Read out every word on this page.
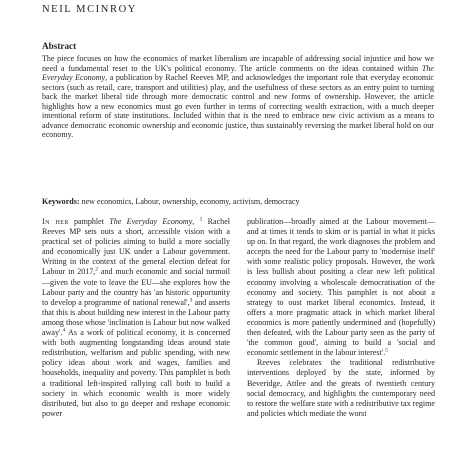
NEIL MCINROY
Abstract
The piece focuses on how the economics of market liberalism are incapable of addressing social injustice and how we need a fundamental reset to the UK's political economy. The article comments on the ideas contained within The Everyday Economy, a publication by Rachel Reeves MP, and acknowledges the important role that everyday economic sectors (such as retail, care, transport and utilities) play, and the usefulness of these sectors as an entry point to turning back the market liberal tide through more democratic control and new forms of ownership. However, the article highlights how a new economics must go even further in terms of correcting wealth extraction, with a much deeper intentional reform of state institutions. Included within that is the need to embrace new civic activism as a means to advance democratic economic ownership and economic justice, thus sustainably reversing the market liberal hold on our economy.
Keywords: new economics, Labour, ownership, economy, activism, democracy

In her pamphlet The Everyday Economy, $^1$ Rachel Reeves MP sets outs a short, accessible vision with a practical set of policies aiming to build a more socially and economically just UK under a Labour government. Writing in the context of the general election defeat for Labour in 2017,$^2$ and much economic and social turmoil—given the vote to leave the EU—she explores how the Labour party and the country has 'an historic opportunity to develop a programme of national renewal',$^3$ and asserts that this is about building new interest in the Labour party among those whose 'inclination is Labour but now walked away'.$^4$ As a work of political economy, it is concerned with both augmenting longstanding ideas around state redistribution, welfarism and public spending, with new policy ideas about work and wages, families and households, inequality and poverty. This pamphlet is both a traditional left-inspired rallying call both to build a society in which economic wealth is more widely distributed, but also to go deeper and reshape economic power

publication—broadly aimed at the Labour movement—and at times it tends to skim or is partial in what it picks up on. In that regard, the work diagnoses the problem and accepts the need for the Labour party to 'modernise itself' with some realistic policy proposals. However, the work is less bullish about positing a clear new left political economy involving a wholescale democratisation of the economy and society. This pamphlet is not about a strategy to oust market liberal economics. Instead, it offers a more pragmatic attack in which market liberal economics is more patiently undermined and (hopefully) then defeated, with the Labour party seen as the party of 'the common good', aiming to build a 'social and economic settlement in the labour interest'.$^5$

Reeves celebrates the traditional redistributive interventions deployed by the state, informed by Beveridge, Attlee and the greats of twentieth century social democracy, and highlights the contemporary need to restore the welfare state with a redistributive tax regime and policies which mediate the worst
